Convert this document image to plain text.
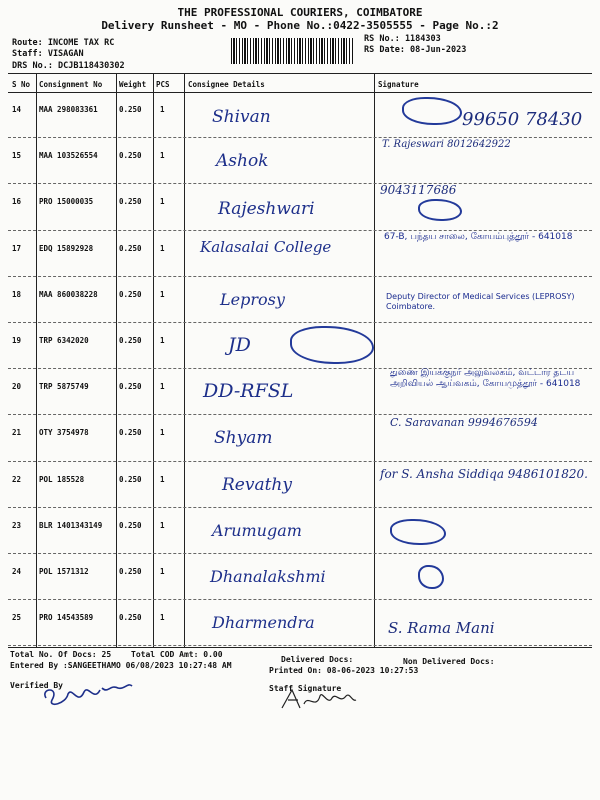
THE PROFESSIONAL COURIERS, COIMBATORE
Delivery Runsheet - MO - Phone No.:0422-3505555 - Page No.:2
Route: INCOME TAX RC
Staff: VISAGAN
DRS No.: DCJB118430302
RS No.: 1184303
RS Date: 08-Jun-2023
S No Consignment No Weight PCS Consignee Details	Signature
14 MAA 298083361	0.250 1	Shivan	99650 78430
15 MAA 103526554	0.250 1	Ashok
T. Rajeswari 8012642922
16 PRO 15000035	0.250 1	Rajeshwari
9043117686
17 EDQ 15892928	0.250 1 Kalasalai College
67-B, பந்தய சாலை, கோயம்புத்தூர் - 641018
18 MAA 860038228	0.250 1	Leprosy	Deputy Director of Medical Services (LEPROSY) Coimbatore.
19 TRP 6342020	0.250 1	JD
20 TRP 5875749	0.250 1 DD-RFSL
துணை இயக்குநர் அலுவலகம், வட்டார தடய அறிவியல் ஆய்வகம், கோயமுத்தூர் - 641018
21 OTY 3754978	0.250 1	Shyam
C. Saravanan 9994676594
22 POL 185528	0.250 1	Revathy
for S. Ansha Siddiqa 9486101820.
23 BLR 1401343149 0.250 1	Arumugam
24 POL 1571312	0.250 1	Dhanalakshmi
25 PRO 14543589	0.250 1	Dharmendra	S. Rama Mani
Total No. Of Docs: 25 Total COD Amt: 0.00
Delivered Docs:	Non Delivered Docs:
Entered By :SANGEETHAMO 06/08/2023 10:27:48 AM
Printed On: 08-06-2023 10:27:53
Verified By	Staff Signature
